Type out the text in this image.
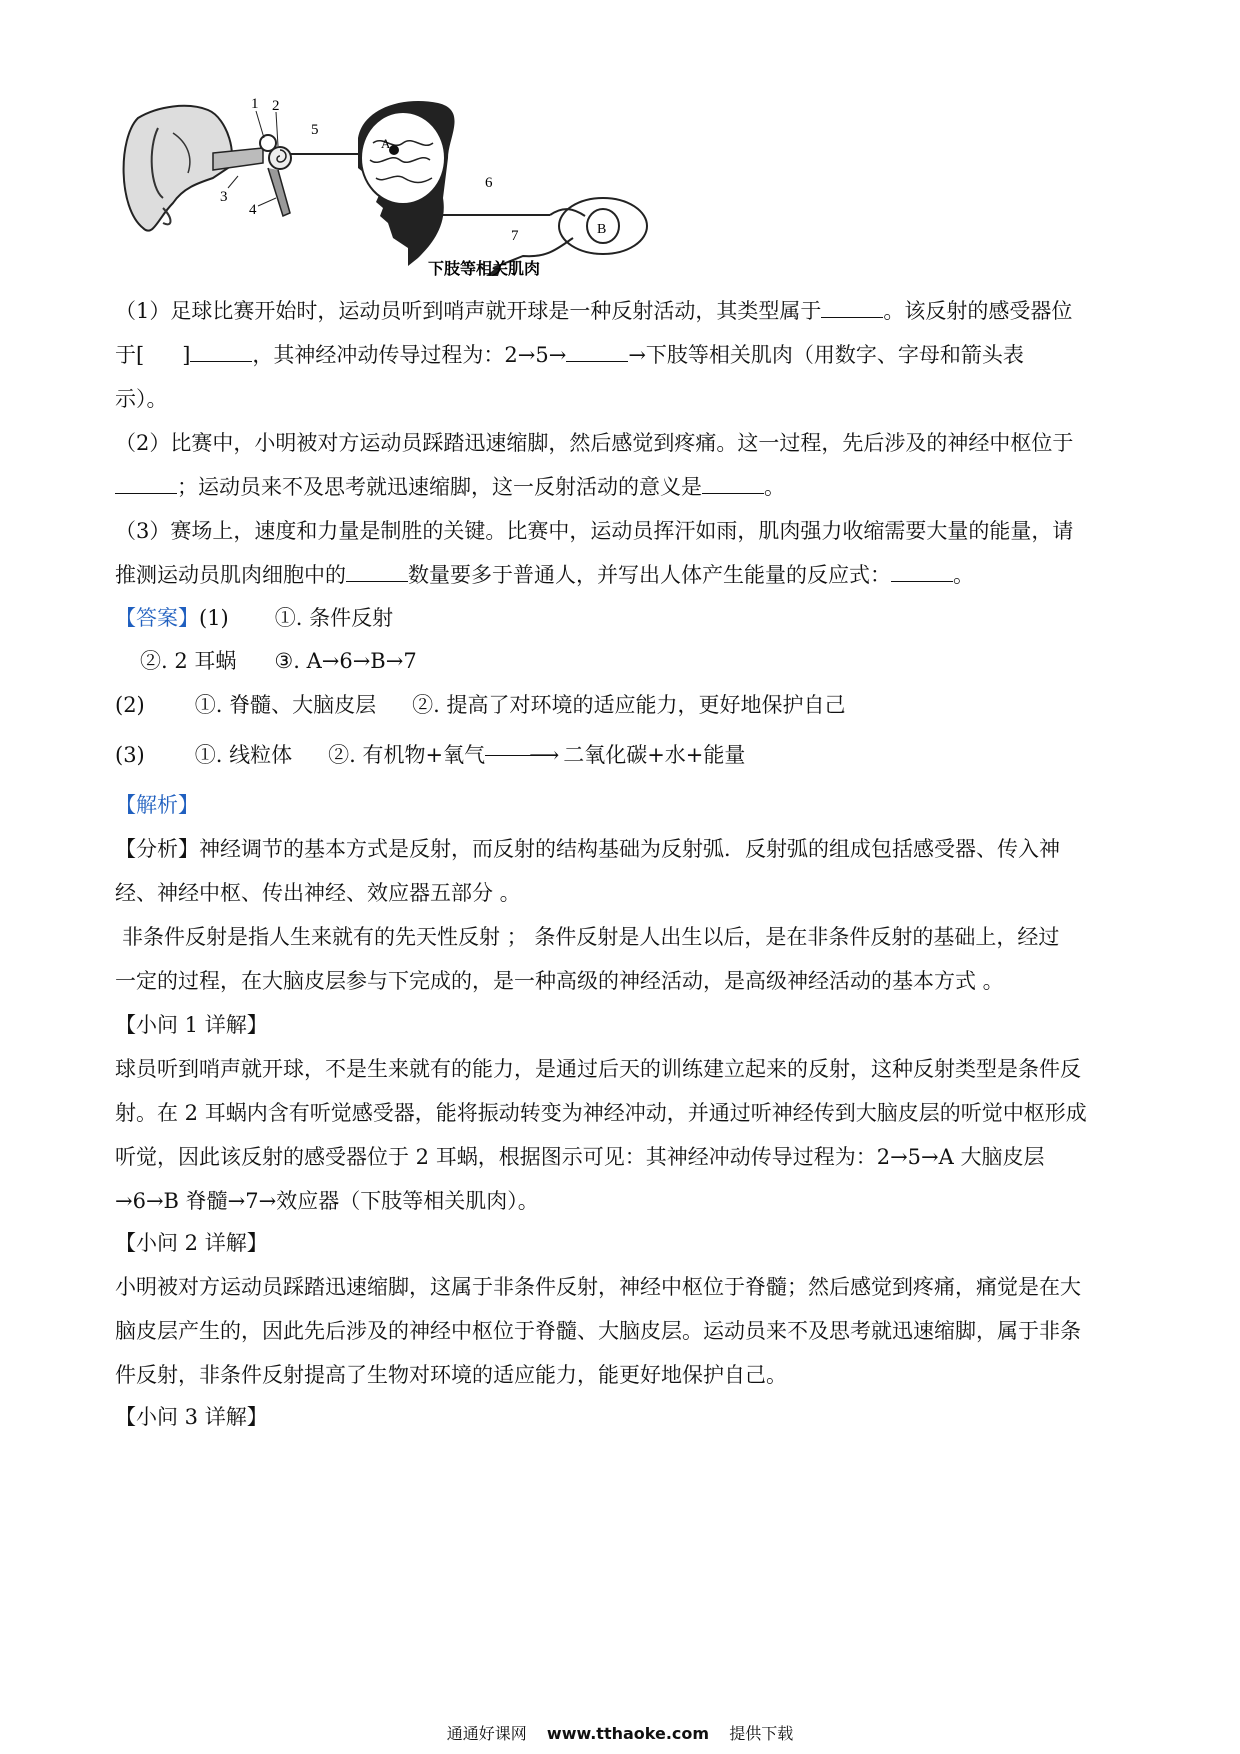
1 2
3
4
5
A
6
B
7
下肢等相关肌肉
（1）足球比赛开始时，运动员听到哨声就开球是一种反射活动，其类型属于	。该反射的感受器位
于[ ]	，其神经冲动传导过程为：2→5→	→下肢等相关肌肉（用数字、字母和箭头表
示）。
（2）比赛中，小明被对方运动员踩踏迅速缩脚，然后感觉到疼痛。这一过程，先后涉及的神经中枢位于
；运动员来不及思考就迅速缩脚，这一反射活动的意义是	。
（3）赛场上，速度和力量是制胜的关键。比赛中，运动员挥汗如雨，肌肉强力收缩需要大量的能量，请
推测运动员肌肉细胞中的	数量要多于普通人，并写出人体产生能量的反应式：	。
【答案】(1) ①. 条件反射
②. 2 耳蜗 ③. A→6→B→7
(2) ①. 脊髓、大脑皮层 ②. 提高了对环境的适应能力，更好地保护自己
(3) ①. 线粒体 ②. 有机物+氧气 ⟶ 二氧化碳+水+能量
【解析】
【分析】神经调节的基本方式是反射，而反射的结构基础为反射弧．反射弧的组成包括感受器、传入神
经、神经中枢、传出神经、效应器五部分 。
非条件反射是指人生来就有的先天性反射 ； 条件反射是人出生以后，是在非条件反射的基础上，经过
一定的过程，在大脑皮层参与下完成的，是一种高级的神经活动，是高级神经活动的基本方式 。
【小问 1 详解】
球员听到哨声就开球，不是生来就有的能力，是通过后天的训练建立起来的反射，这种反射类型是条件反
射。在 2 耳蜗内含有听觉感受器，能将振动转变为神经冲动，并通过听神经传到大脑皮层的听觉中枢形成
听觉，因此该反射的感受器位于 2 耳蜗，根据图示可见：其神经冲动传导过程为：2→5→A 大脑皮层
→6→B 脊髓→7→效应器（下肢等相关肌肉）。
【小问 2 详解】
小明被对方运动员踩踏迅速缩脚，这属于非条件反射，神经中枢位于脊髓；然后感觉到疼痛，痛觉是在大
脑皮层产生的，因此先后涉及的神经中枢位于脊髓、大脑皮层。运动员来不及思考就迅速缩脚，属于非条
件反射，非条件反射提高了生物对环境的适应能力，能更好地保护自己。
【小问 3 详解】
通通好课网 www.tthaoke.com 提供下载
